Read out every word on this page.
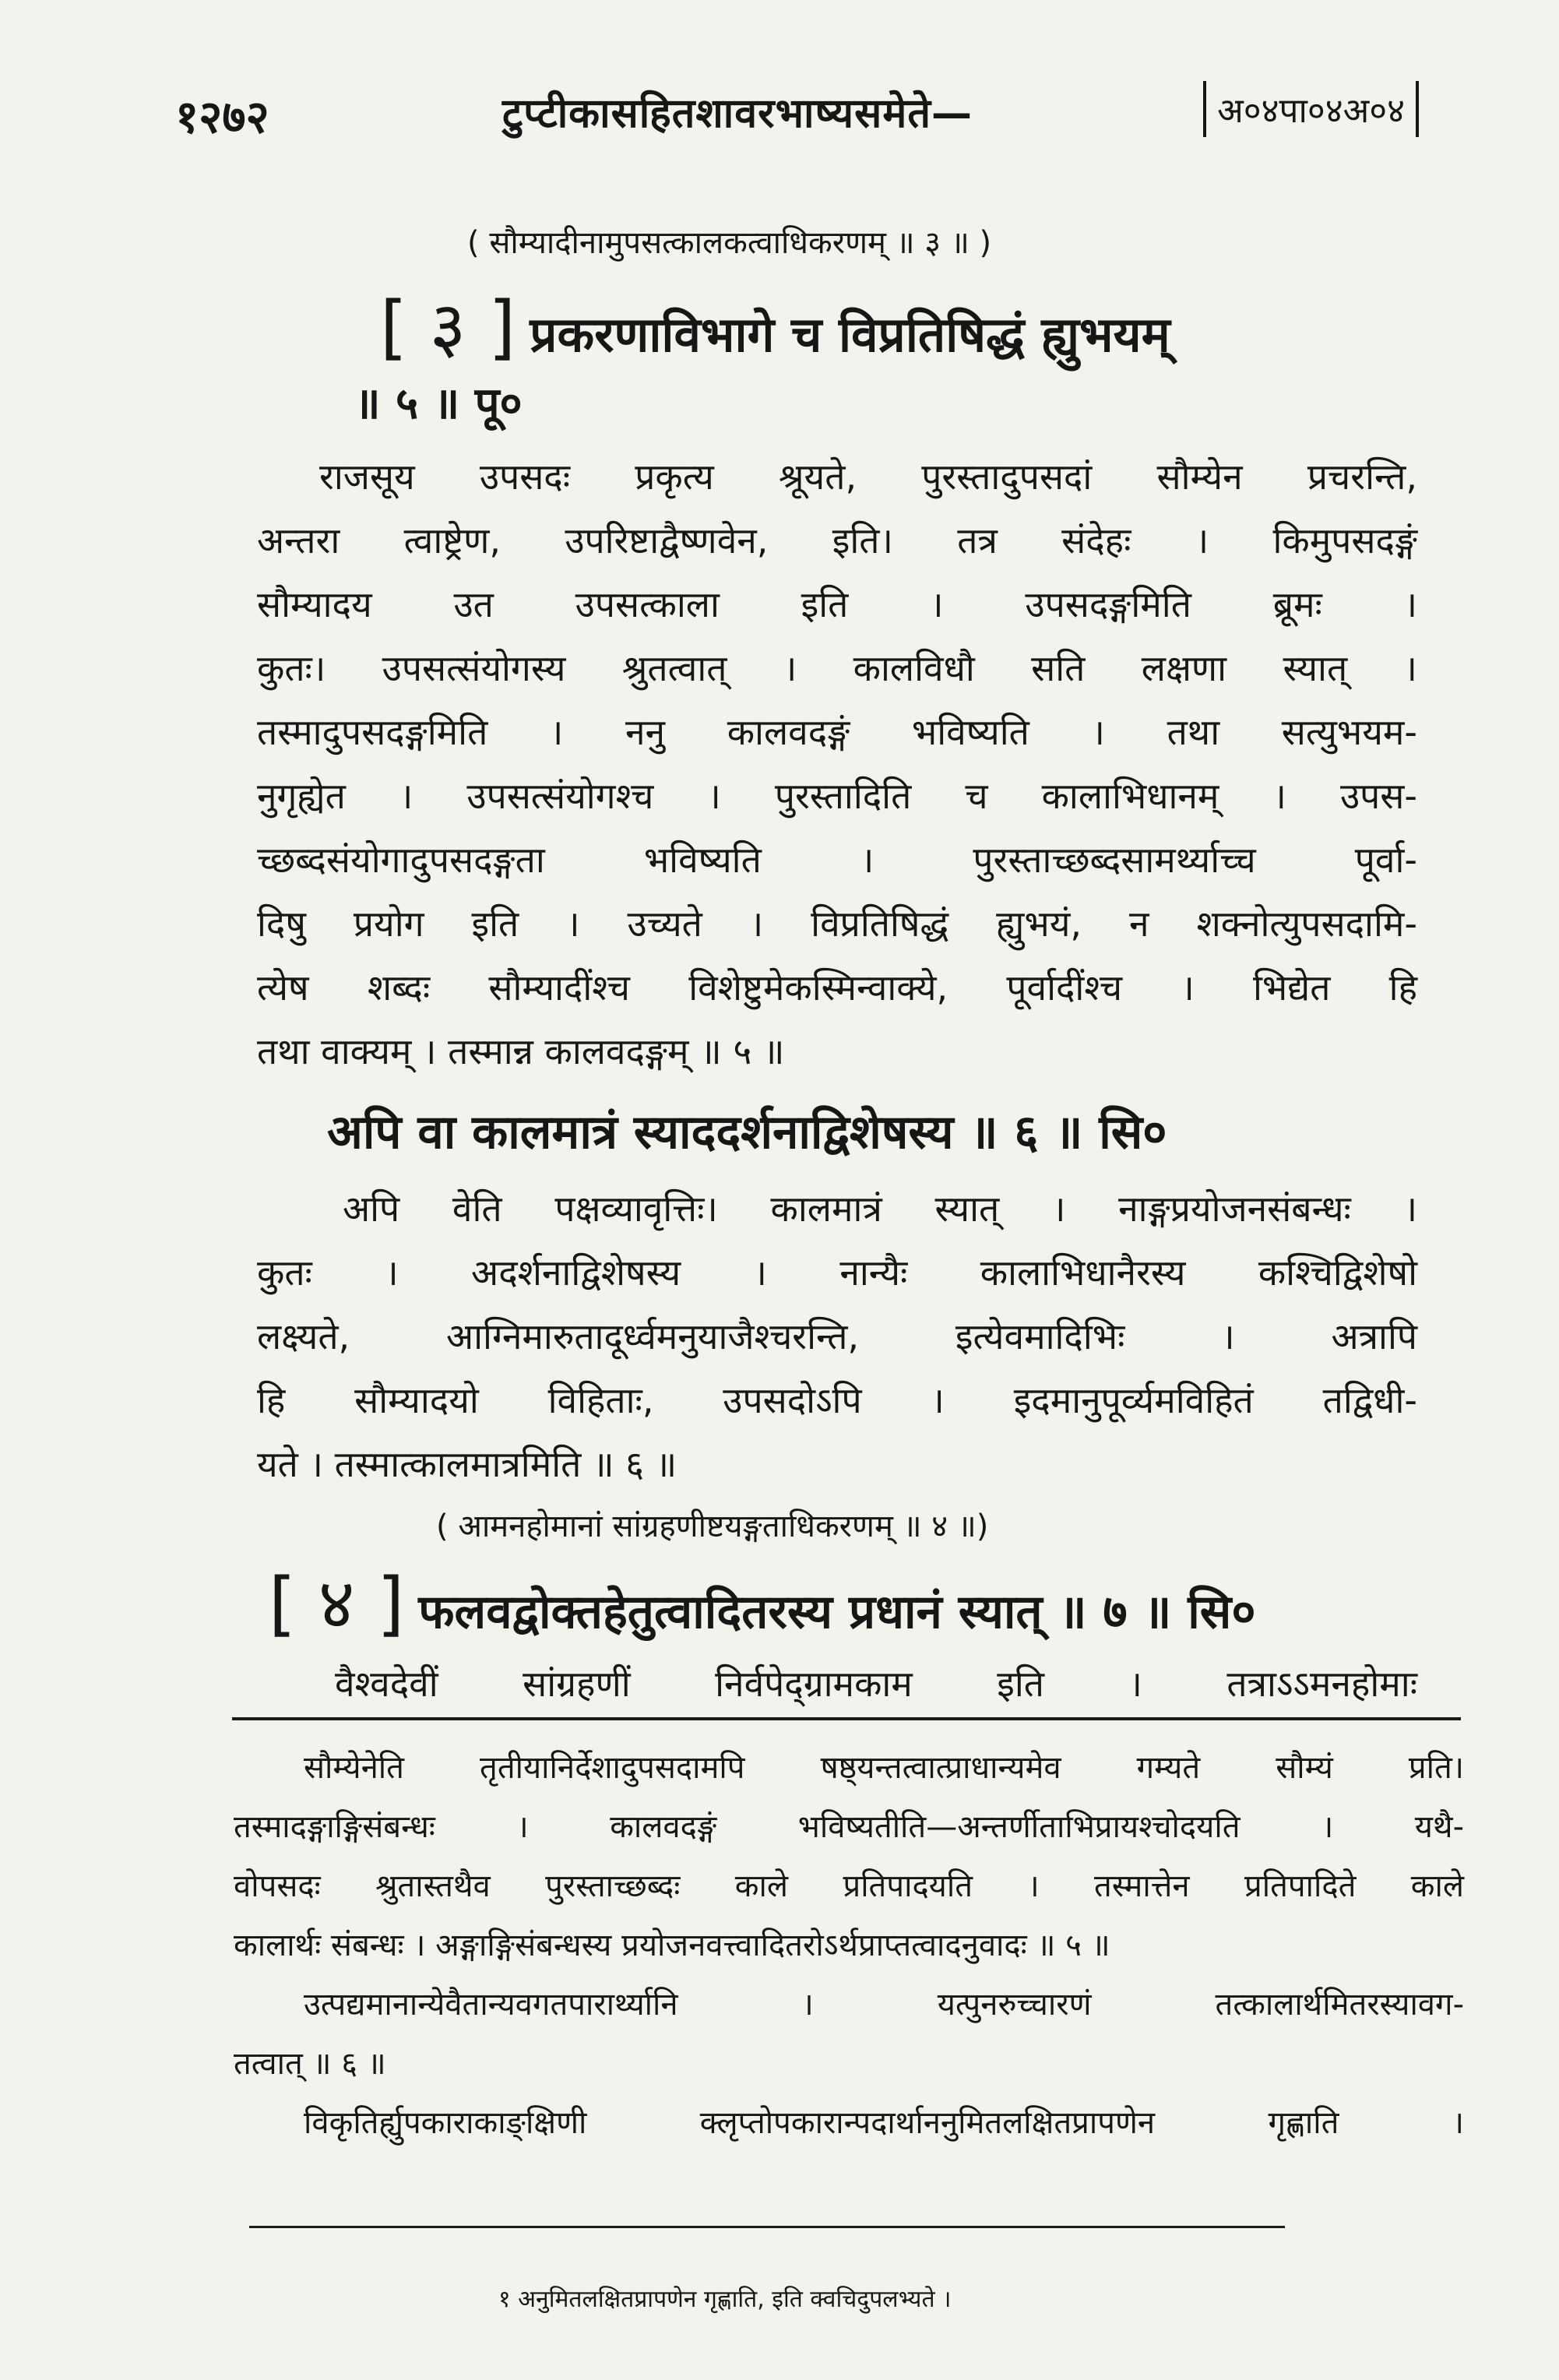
१२७२	टुप्टीकासहितशावरभाष्यसमेते—	अ०४पा०४अ०४
( सौम्यादीनामुपसत्कालकत्वाधिकरणम् ॥ ३ ॥ )
[ ३ ] प्रकरणाविभागे च विप्रतिषिद्धं ह्युभयम्
॥ ५ ॥ पू०
राजसूय उपसदः प्रकृत्य श्रूयते, पुरस्तादुपसदां सौम्येन प्रचरन्ति,
अन्तरा त्वाष्ट्रेण, उपरिष्टाद्वैष्णवेन, इति। तत्र संदेहः । किमुपसदङ्गं
सौम्यादय उत उपसत्काला इति । उपसदङ्गमिति ब्रूमः ।
कुतः। उपसत्संयोगस्य श्रुतत्वात् । कालविधौ सति लक्षणा स्यात् ।
तस्मादुपसदङ्गमिति । ननु कालवदङ्गं भविष्यति । तथा सत्युभयम-
नुगृह्येत । उपसत्संयोगश्च । पुरस्तादिति च कालाभिधानम् । उपस-
च्छब्दसंयोगादुपसदङ्गता भविष्यति । पुरस्ताच्छब्दसामर्थ्याच्च पूर्वा-
दिषु प्रयोग इति । उच्यते । विप्रतिषिद्धं ह्युभयं, न शक्नोत्युपसदामि-
त्येष शब्दः सौम्यादींश्च विशेष्टुमेकस्मिन्वाक्ये, पूर्वादींश्च । भिद्येत हि
तथा वाक्यम् । तस्मान्न कालवदङ्गम् ॥ ५ ॥
अपि वा कालमात्रं स्याददर्शनाद्विशेषस्य ॥ ६ ॥ सि०
अपि वेति पक्षव्यावृत्तिः। कालमात्रं स्यात् । नाङ्गप्रयोजनसंबन्धः ।
कुतः । अदर्शनाद्विशेषस्य । नान्यैः कालाभिधानैरस्य कश्चिद्विशेषो
लक्ष्यते, आग्निमारुतादूर्ध्वमनुयाजैश्चरन्ति, इत्येवमादिभिः । अत्रापि
हि सौम्यादयो विहिताः, उपसदोऽपि । इदमानुपूर्व्यमविहितं तद्विधी-
यते । तस्मात्कालमात्रमिति ॥ ६ ॥
( आमनहोमानां सांग्रहणीष्टयङ्गताधिकरणम् ॥ ४ ॥)
[ ४ ] फलवद्वोक्तहेतुत्वादितरस्य प्रधानं स्यात् ॥ ७ ॥ सि०
वैश्वदेवीं सांग्रहणीं निर्वपेद्ग्रामकाम इति । तत्राऽऽमनहोमाः
सौम्येनेति तृतीयानिर्देशादुपसदामपि षष्ठ्यन्तत्वात्प्राधान्यमेव गम्यते सौम्यं प्रति।
तस्मादङ्गाङ्गिसंबन्धः । कालवदङ्गं भविष्यतीति—अन्तर्णीताभिप्रायश्चोदयति । यथै-
वोपसदः श्रुतास्तथैव पुरस्ताच्छब्दः काले प्रतिपादयति । तस्मात्तेन प्रतिपादिते काले
कालार्थः संबन्धः । अङ्गाङ्गिसंबन्धस्य प्रयोजनवत्त्वादितरोऽर्थप्राप्तत्वादनुवादः ॥ ५ ॥
उत्पद्यमानान्येवैतान्यवगतपारार्थ्यानि । यत्पुनरुच्चारणं तत्कालार्थमितरस्यावग-
तत्वात् ॥ ६ ॥
विकृतिर्ह्युपकाराकाङ्क्षिणी क्लृप्तोपकारान्पदार्थाननुमितलक्षितप्रापणेन गृह्णाति ।
१ अनुमितलक्षितप्रापणेन गृह्णाति, इति क्वचिदुपलभ्यते ।
